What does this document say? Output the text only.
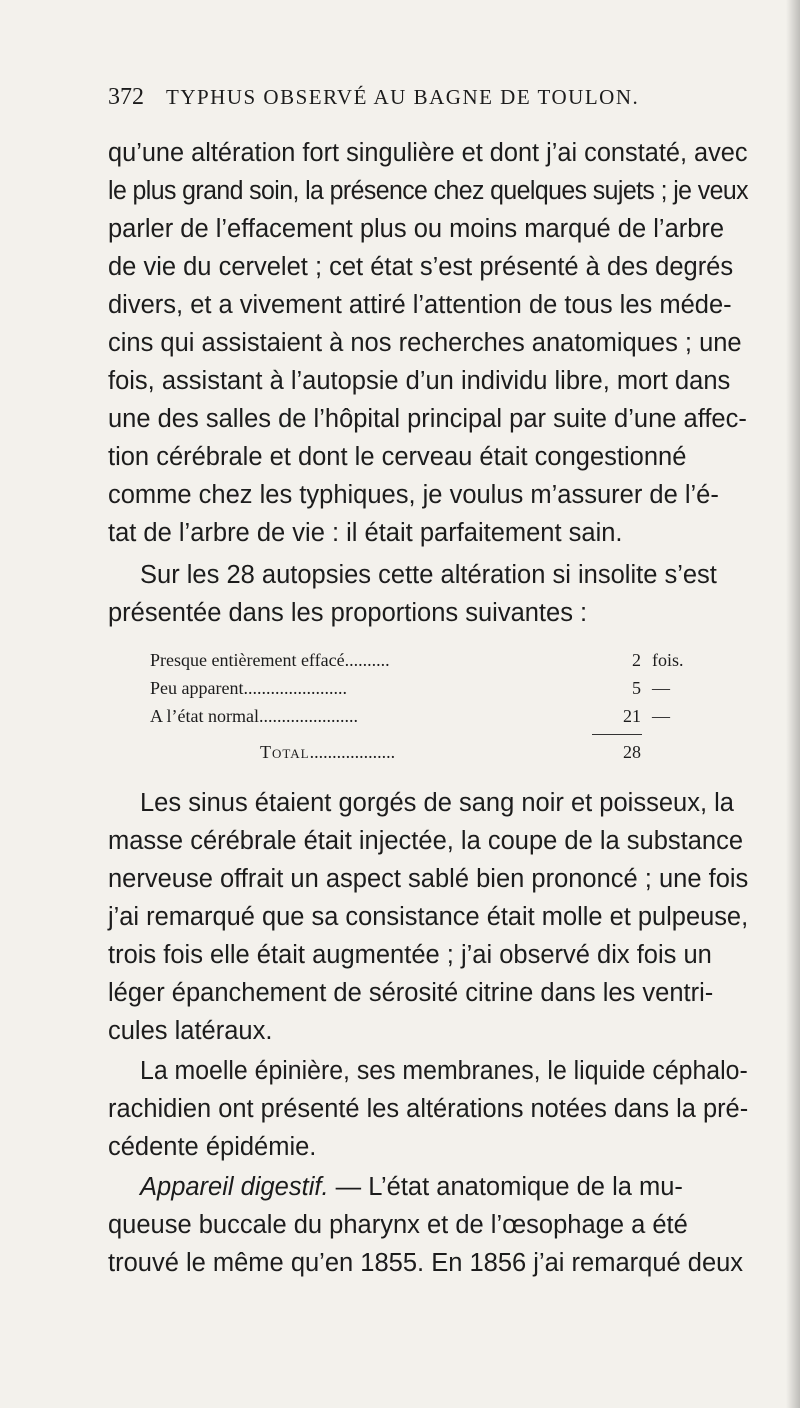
372 TYPHUS OBSERVÉ AU BAGNE DE TOULON.
qu’une altération fort singulière et dont j’ai constaté, avec
le plus grand soin, la présence chez quelques sujets ; je veux
parler de l’effacement plus ou moins marqué de l’arbre
de vie du cervelet ; cet état s’est présenté à des degrés
divers, et a vivement attiré l’attention de tous les méde-
cins qui assistaient à nos recherches anatomiques ; une
fois, assistant à l’autopsie d’un individu libre, mort dans
une des salles de l’hôpital principal par suite d’une affec-
tion cérébrale et dont le cerveau était congestionné
comme chez les typhiques, je voulus m’assurer de l’é-
tat de l’arbre de vie : il était parfaitement sain.
Sur les 28 autopsies cette altération si insolite s’est
présentée dans les proportions suivantes :
Presque entièrement effacé..........	2 fois.
Peu apparent.......................	5 —
A l’état normal......................	21 —
Total...................	28
Les sinus étaient gorgés de sang noir et poisseux, la
masse cérébrale était injectée, la coupe de la substance
nerveuse offrait un aspect sablé bien prononcé ; une fois
j’ai remarqué que sa consistance était molle et pulpeuse,
trois fois elle était augmentée ; j’ai observé dix fois un
léger épanchement de sérosité citrine dans les ventri-
cules latéraux.
La moelle épinière, ses membranes, le liquide céphalo-
rachidien ont présenté les altérations notées dans la pré-
cédente épidémie.
Appareil digestif. — L’état anatomique de la mu-
queuse buccale du pharynx et de l’œsophage a été
trouvé le même qu’en 1855. En 1856 j’ai remarqué deux
